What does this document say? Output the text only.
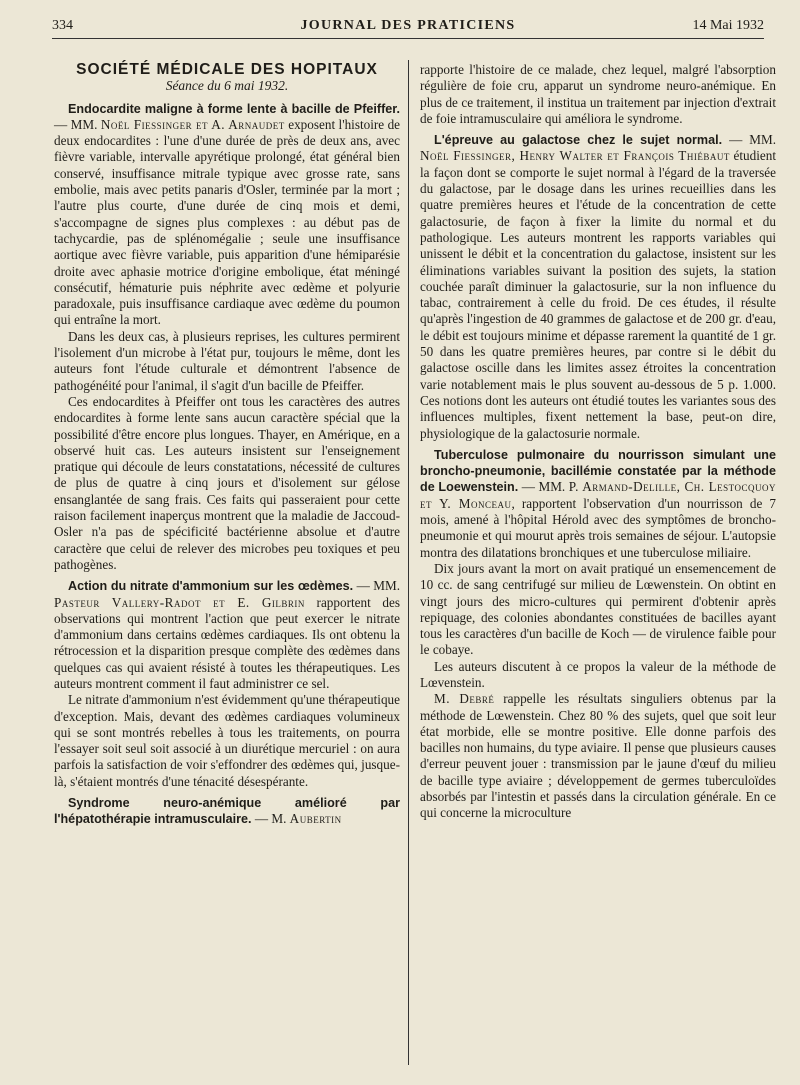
334	JOURNAL DES PRATICIENS	14 Mai 1932

SOCIÉTÉ MÉDICALE DES HOPITAUX

Séance du 6 mai 1932.

Endocardite maligne à forme lente à bacille de Pfeiffer. — MM. Noël Fiessinger et A. Arnaudet exposent l'histoire de deux endocardites : l'une d'une durée de près de deux ans, avec fièvre variable, intervalle apyrétique prolongé, état général bien conservé, insuffisance mitrale typique avec grosse rate, sans embolie, mais avec petits panaris d'Osler, terminée par la mort ; l'autre plus courte, d'une durée de cinq mois et demi, s'accompagne de signes plus complexes : au début pas de tachycardie, pas de splénomégalie ; seule une insuffisance aortique avec fièvre variable, puis apparition d'une hémiparésie droite avec aphasie motrice d'origine embolique, état méningé consécutif, hématurie puis néphrite avec œdème et polyurie paradoxale, puis insuffisance cardiaque avec œdème du poumon qui entraîne la mort.

Dans les deux cas, à plusieurs reprises, les cultures permirent l'isolement d'un microbe à l'état pur, toujours le même, dont les auteurs font l'étude culturale et démontrent l'absence de pathogénéité pour l'animal, il s'agit d'un bacille de Pfeiffer.

Ces endocardites à Pfeiffer ont tous les caractères des autres endocardites à forme lente sans aucun caractère spécial que la possibilité d'être encore plus longues. Thayer, en Amérique, en a observé huit cas. Les auteurs insistent sur l'enseignement pratique qui découle de leurs constatations, nécessité de cultures de plus de quatre à cinq jours et d'isolement sur gélose ensanglantée de sang frais. Ces faits qui passeraient pour cette raison facilement inaperçus montrent que la maladie de Jaccoud-Osler n'a pas de spécificité bactérienne absolue et d'autre caractère que celui de relever des microbes peu toxiques et peu pathogènes.

Action du nitrate d'ammonium sur les œdèmes. — MM. Pasteur Vallery-Radot et E. Gilbrin rapportent des observations qui montrent l'action que peut exercer le nitrate d'ammonium dans certains œdèmes cardiaques. Ils ont obtenu la rétrocession et la disparition presque complète des œdèmes dans quelques cas qui avaient résisté à toutes les thérapeutiques. Les auteurs montrent comment il faut administrer ce sel.

Le nitrate d'ammonium n'est évidemment qu'une thérapeutique d'exception. Mais, devant des œdèmes cardiaques volumineux qui se sont montrés rebelles à tous les traitements, on pourra l'essayer soit seul soit associé à un diurétique mercuriel : on aura parfois la satisfaction de voir s'effondrer des œdèmes qui, jusque-là, s'étaient montrés d'une ténacité désespérante.

Syndrome neuro-anémique amélioré par l'hépatothérapie intramusculaire. — M. Aubertin

rapporte l'histoire de ce malade, chez lequel, malgré l'absorption régulière de foie cru, apparut un syndrome neuro-anémique. En plus de ce traitement, il institua un traitement par injection d'extrait de foie intramusculaire qui améliora le syndrome.

L'épreuve au galactose chez le sujet normal. — MM. Noël Fiessinger, Henry Walter et François Thiébaut étudient la façon dont se comporte le sujet normal à l'égard de la traversée du galactose, par le dosage dans les urines recueillies dans les quatre premières heures et l'étude de la concentration de cette galactosurie, de façon à fixer la limite du normal et du pathologique. Les auteurs montrent les rapports variables qui unissent le débit et la concentration du galactose, insistent sur les éliminations variables suivant la position des sujets, la station couchée paraît diminuer la galactosurie, sur la non influence du tabac, contrairement à celle du froid. De ces études, il résulte qu'après l'ingestion de 40 grammes de galactose et de 200 gr. d'eau, le débit est toujours minime et dépasse rarement la quantité de 1 gr. 50 dans les quatre premières heures, par contre si le débit du galactose oscille dans les limites assez étroites la concentration varie notablement mais le plus souvent au-dessous de 5 p. 1.000. Ces notions dont les auteurs ont étudié toutes les variantes sous des influences multiples, fixent nettement la base, peut-on dire, physiologique de la galactosurie normale.

Tuberculose pulmonaire du nourrisson simulant une broncho-pneumonie, bacillémie constatée par la méthode de Loewenstein. — MM. P. Armand-Delille, Ch. Lestocquoy et Y. Monceau, rapportent l'observation d'un nourrisson de 7 mois, amené à l'hôpital Hérold avec des symptômes de broncho-pneumonie et qui mourut après trois semaines de séjour. L'autopsie montra des dilatations bronchiques et une tuberculose miliaire.

Dix jours avant la mort on avait pratiqué un ensemencement de 10 cc. de sang centrifugé sur milieu de Lœwenstein. On obtint en vingt jours des micro-cultures qui permirent d'obtenir après repiquage, des colonies abondantes constituées de bacilles ayant tous les caractères d'un bacille de Koch — de virulence faible pour le cobaye.

Les auteurs discutent à ce propos la valeur de la méthode de Lœvenstein.

M. Debré rappelle les résultats singuliers obtenus par la méthode de Lœwenstein. Chez 80 % des sujets, quel que soit leur état morbide, elle se montre positive. Elle donne parfois des bacilles non humains, du type aviaire. Il pense que plusieurs causes d'erreur peuvent jouer : transmission par le jaune d'œuf du milieu de bacille type aviaire ; développement de germes tuberculoïdes absorbés par l'intestin et passés dans la circulation générale. En ce qui concerne la microculture
